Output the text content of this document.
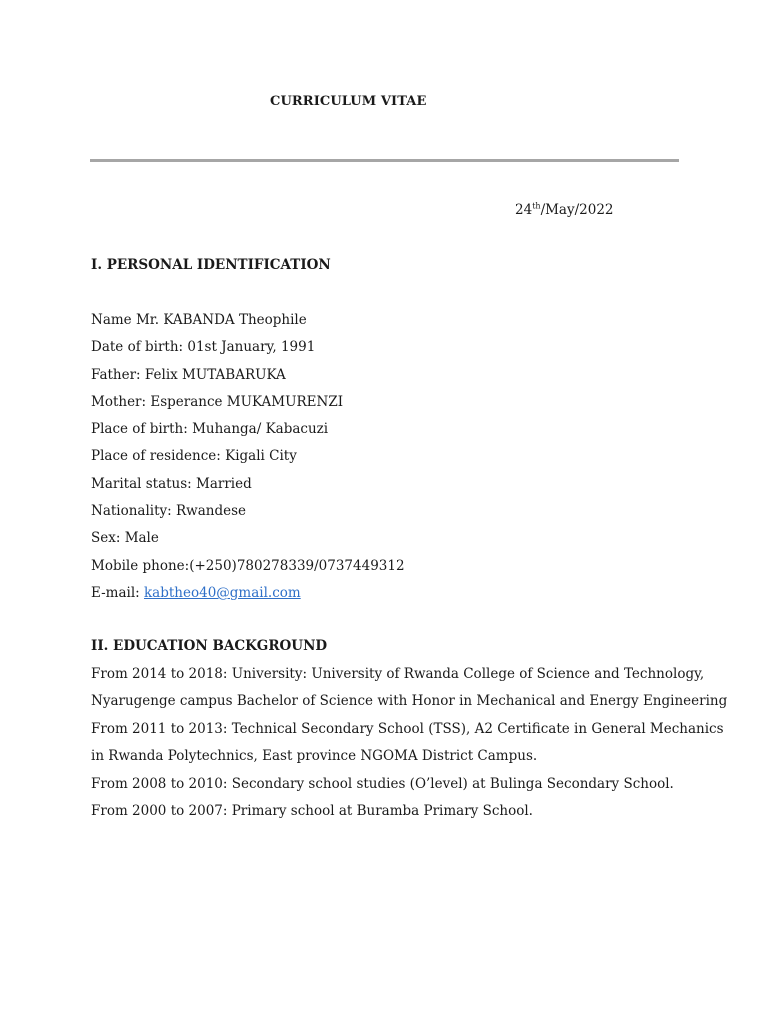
CURRICULUM VITAE
24th/May/2022
I. PERSONAL IDENTIFICATION
Name Mr. KABANDA Theophile
Date of birth: 01st January, 1991
Father: Felix MUTABARUKA
Mother: Esperance MUKAMURENZI
Place of birth: Muhanga/ Kabacuzi
Place of residence: Kigali City
Marital status: Married
Nationality: Rwandese
Sex: Male
Mobile phone:(+250)780278339/0737449312
E-mail: kabtheo40@gmail.com
II. EDUCATION BACKGROUND
From 2014 to 2018: University: University of Rwanda College of Science and Technology,
Nyarugenge campus Bachelor of Science with Honor in Mechanical and Energy Engineering
From 2011 to 2013: Technical Secondary School (TSS), A2 Certificate in General Mechanics
in Rwanda Polytechnics, East province NGOMA District Campus.
From 2008 to 2010: Secondary school studies (O’level) at Bulinga Secondary School.
From 2000 to 2007: Primary school at Buramba Primary School.
